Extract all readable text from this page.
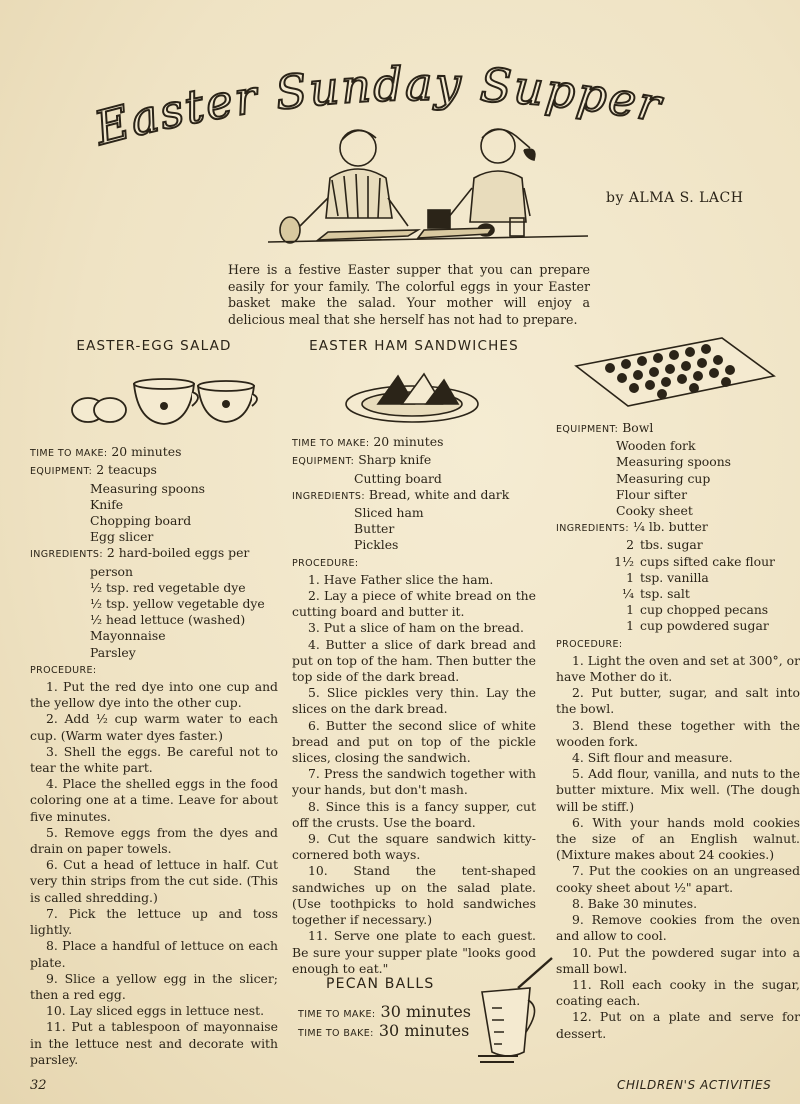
Easter Sunday Supper
by ALMA S. LACH
Here is a festive Easter supper that you can prepare easily for your family. The colorful eggs in your Easter basket make the salad. Your mother will enjoy a delicious meal that she herself has not had to prepare.
EASTER-EGG SALAD
TIME TO MAKE: 20 minutes
EQUIPMENT: 2 teacups
Measuring spoons
Knife
Chopping board
Egg slicer
INGREDIENTS: 2 hard-boiled eggs per
person
½ tsp. red vegetable dye
½ tsp. yellow vegetable dye
½ head lettuce (washed)
Mayonnaise
Parsley
PROCEDURE:
1. Put the red dye into one cup and the yellow dye into the other cup.
2. Add ½ cup warm water to each cup. (Warm water dyes faster.)
3. Shell the eggs. Be careful not to tear the white part.
4. Place the shelled eggs in the food coloring one at a time. Leave for about five minutes.
5. Remove eggs from the dyes and drain on paper towels.
6. Cut a head of lettuce in half. Cut very thin strips from the cut side. (This is called shredding.)
7. Pick the lettuce up and toss lightly.
8. Place a handful of lettuce on each plate.
9. Slice a yellow egg in the slicer; then a red egg.
10. Lay sliced eggs in lettuce nest.
11. Put a tablespoon of mayonnaise in the lettuce nest and decorate with parsley.
EASTER HAM SANDWICHES
TIME TO MAKE: 20 minutes
EQUIPMENT: Sharp knife
Cutting board
INGREDIENTS: Bread, white and dark
Sliced ham
Butter
Pickles
PROCEDURE:
1. Have Father slice the ham.
2. Lay a piece of white bread on the cutting board and butter it.
3. Put a slice of ham on the bread.
4. Butter a slice of dark bread and put on top of the ham. Then butter the top side of the dark bread.
5. Slice pickles very thin. Lay the slices on the dark bread.
6. Butter the second slice of white bread and put on top of the pickle slices, closing the sandwich.
7. Press the sandwich together with your hands, but don't mash.
8. Since this is a fancy supper, cut off the crusts. Use the board.
9. Cut the square sandwich kitty-cornered both ways.
10. Stand the tent-shaped sandwiches up on the salad plate. (Use toothpicks to hold sandwiches together if necessary.)
11. Serve one plate to each guest. Be sure your supper plate "looks good enough to eat."
PECAN BALLS
TIME TO MAKE: 30 minutes
TIME TO BAKE: 30 minutes
EQUIPMENT: Bowl
Wooden fork
Measuring spoons
Measuring cup
Flour sifter
Cooky sheet
INGREDIENTS: ¼ lb. butter
2 tbs. sugar
1½ cups sifted cake flour
1 tsp. vanilla
¼ tsp. salt
1 cup chopped pecans
1 cup powdered sugar
PROCEDURE:
1. Light the oven and set at 300°, or have Mother do it.
2. Put butter, sugar, and salt into the bowl.
3. Blend these together with the wooden fork.
4. Sift flour and measure.
5. Add flour, vanilla, and nuts to the butter mixture. Mix well. (The dough will be stiff.)
6. With your hands mold cookies the size of an English walnut. (Mixture makes about 24 cookies.)
7. Put the cookies on an ungreased cooky sheet about ½" apart.
8. Bake 30 minutes.
9. Remove cookies from the oven and allow to cool.
10. Put the powdered sugar into a small bowl.
11. Roll each cooky in the sugar, coating each.
12. Put on a plate and serve for dessert.
32	CHILDREN'S ACTIVITIES
